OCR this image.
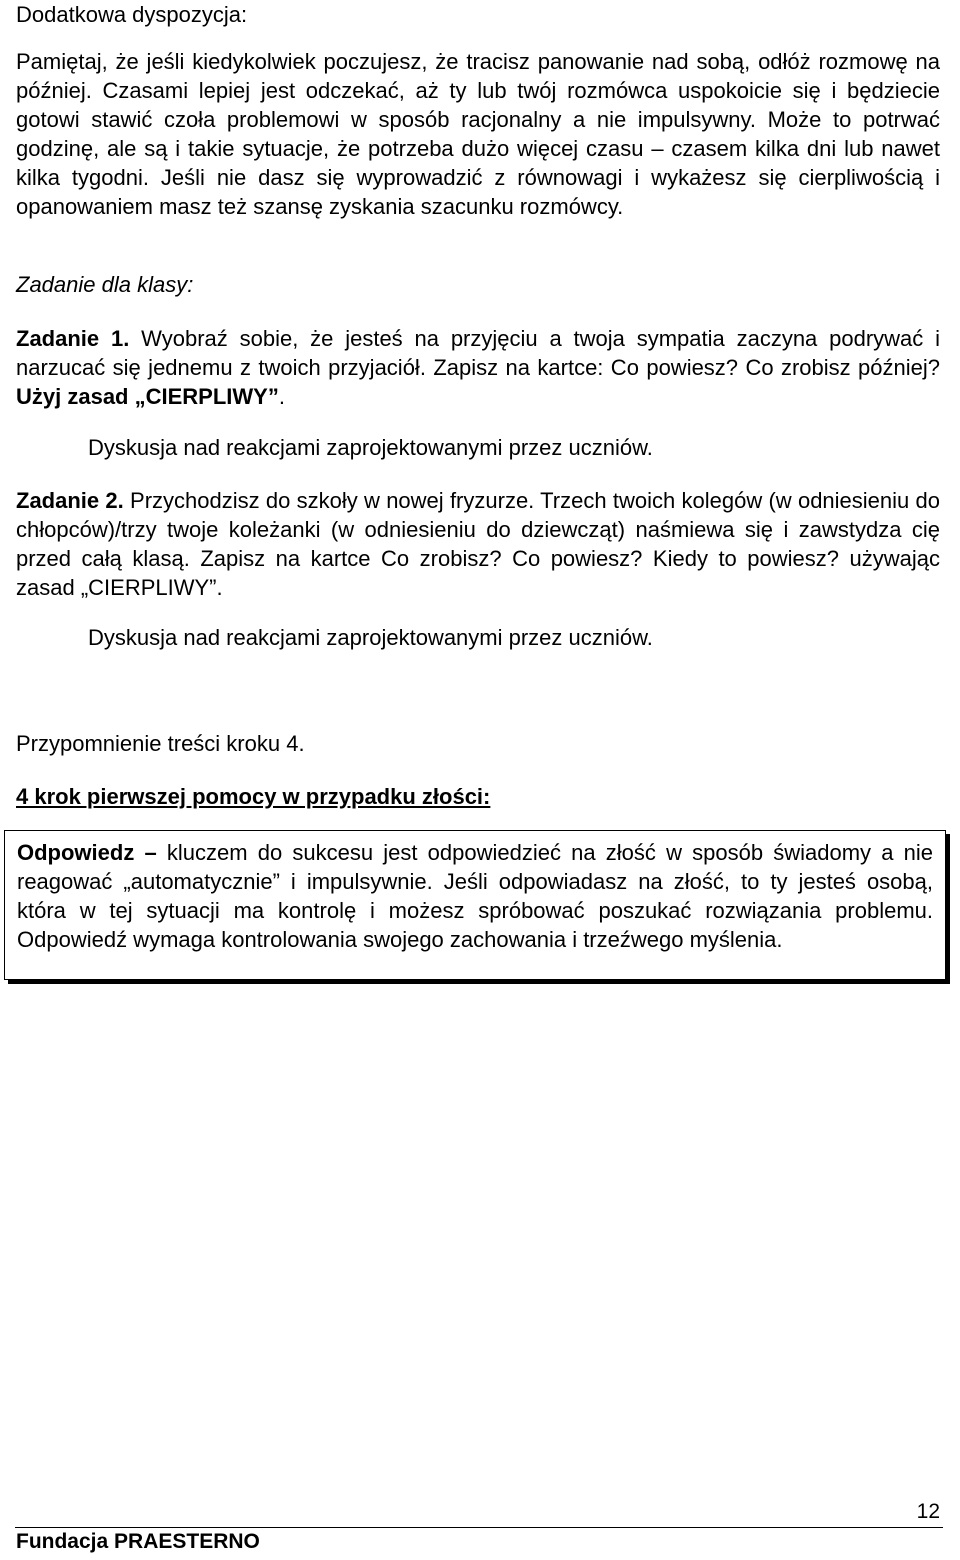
Dodatkowa dyspozycja:
Pamiętaj, że jeśli kiedykolwiek poczujesz, że tracisz panowanie nad sobą, odłóż rozmowę na później. Czasami lepiej jest odczekać, aż ty lub twój rozmówca uspokoicie się i będziecie gotowi stawić czoła problemowi w sposób racjonalny a nie impulsywny. Może to potrwać godzinę, ale są i takie sytuacje, że potrzeba dużo więcej czasu – czasem kilka dni lub nawet kilka tygodni. Jeśli nie dasz się wyprowadzić z równowagi i wykażesz się cierpliwością i opanowaniem masz też szansę zyskania szacunku rozmówcy.
Zadanie dla klasy:
Zadanie 1. Wyobraź sobie, że jesteś na przyjęciu a twoja sympatia zaczyna podrywać i narzucać się jednemu z twoich przyjaciół. Zapisz na kartce: Co powiesz? Co zrobisz później? Użyj zasad „CIERPLIWY”.
Dyskusja nad reakcjami zaprojektowanymi przez uczniów.
Zadanie 2. Przychodzisz do szkoły w nowej fryzurze. Trzech twoich kolegów (w odniesieniu do chłopców)/trzy twoje koleżanki (w odniesieniu do dziewcząt) naśmiewa się i zawstydza cię przed całą klasą. Zapisz na kartce Co zrobisz? Co powiesz? Kiedy to powiesz? używając zasad „CIERPLIWY”.
Dyskusja nad reakcjami zaprojektowanymi przez uczniów.
Przypomnienie treści kroku 4.
4 krok pierwszej pomocy w przypadku złości:
Odpowiedz – kluczem do sukcesu jest odpowiedzieć na złość w sposób świadomy a nie reagować „automatycznie” i impulsywnie. Jeśli odpowiadasz na złość, to ty jesteś osobą, która w tej sytuacji ma kontrolę i możesz spróbować poszukać rozwiązania problemu. Odpowiedź wymaga kontrolowania swojego zachowania i trzeźwego myślenia.
12
Fundacja PRAESTERNO
